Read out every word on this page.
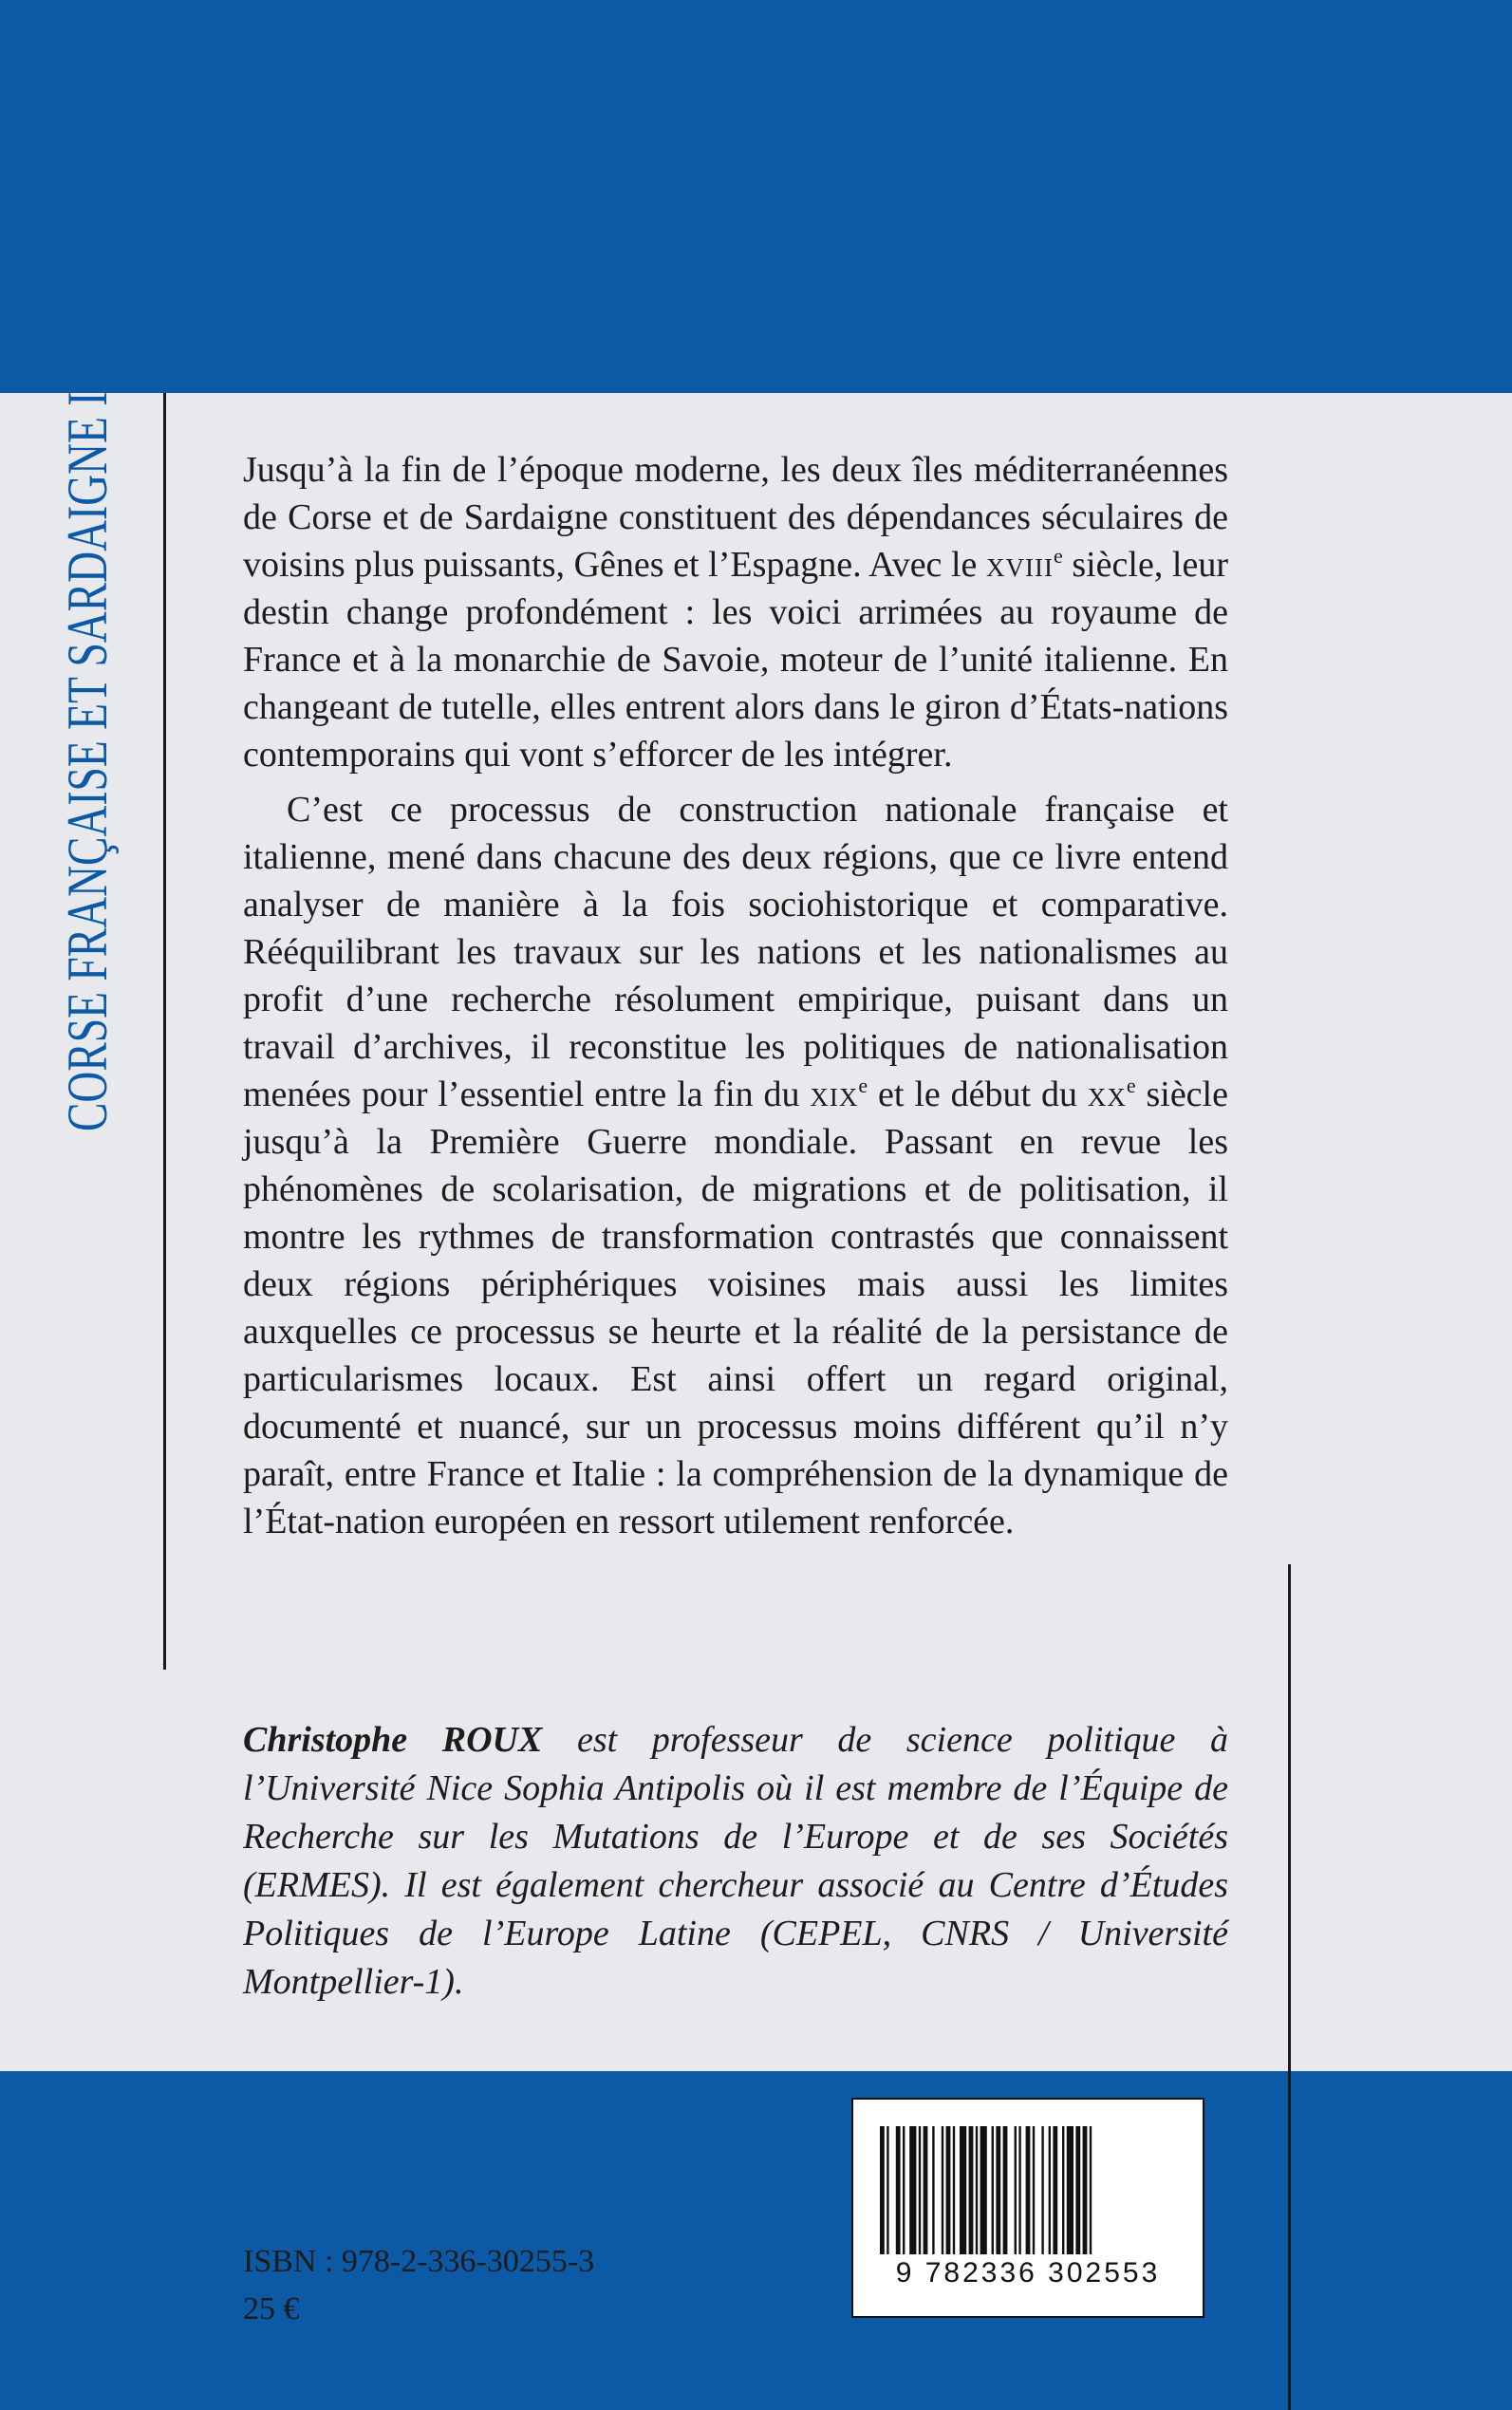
CORSE FRANÇAISE ET SARDAIGNE ITALIENNE	Jusqu’à la fin de l’époque moderne, les deux îles méditerranéennes de Corse et de Sardaigne constituent des dépendances séculaires de voisins plus puissants, Gênes et l’Espagne. Avec le xviii$^e$ siècle, leur destin change profondément : les voici arrimées au royaume de France et à la monarchie de Savoie, moteur de l’unité italienne. En changeant de tutelle, elles entrent alors dans le giron d’États-nations contemporains qui vont s’efforcer de les intégrer.

C’est ce processus de construction nationale française et italienne, mené dans chacune des deux régions, que ce livre entend analyser de manière à la fois sociohistorique et comparative. Rééquilibrant les travaux sur les nations et les nationalismes au profit d’une recherche résolument empirique, puisant dans un travail d’archives, il reconstitue les politiques de nationalisation menées pour l’essentiel entre la fin du xix$^e$ et le début du $xx^e$ siècle jusqu’à la Première Guerre mondiale. Passant en revue les phénomènes de scolarisation, de migrations et de politisation, il montre les rythmes de transformation contrastés que connaissent deux régions périphériques voisines mais aussi les limites auxquelles ce processus se heurte et la réalité de la persistance de particularismes locaux. Est ainsi offert un regard original, documenté et nuancé, sur un processus moins différent qu’il n’y paraît, entre France et Italie : la compréhension de la dynamique de l’État-nation européen en ressort utilement renforcée.

Christophe ROUX est professeur de science politique à l’Université Nice Sophia Antipolis où il est membre de l’Équipe de Recherche sur les Mutations de l’Europe et de ses Sociétés (ERMES). Il est également chercheur associé au Centre d’Études Politiques de l’Europe Latine (CEPEL, CNRS / Université Montpellier-1).
9 782336 302553
ISBN : 978-2-336-30255-3
25 €
